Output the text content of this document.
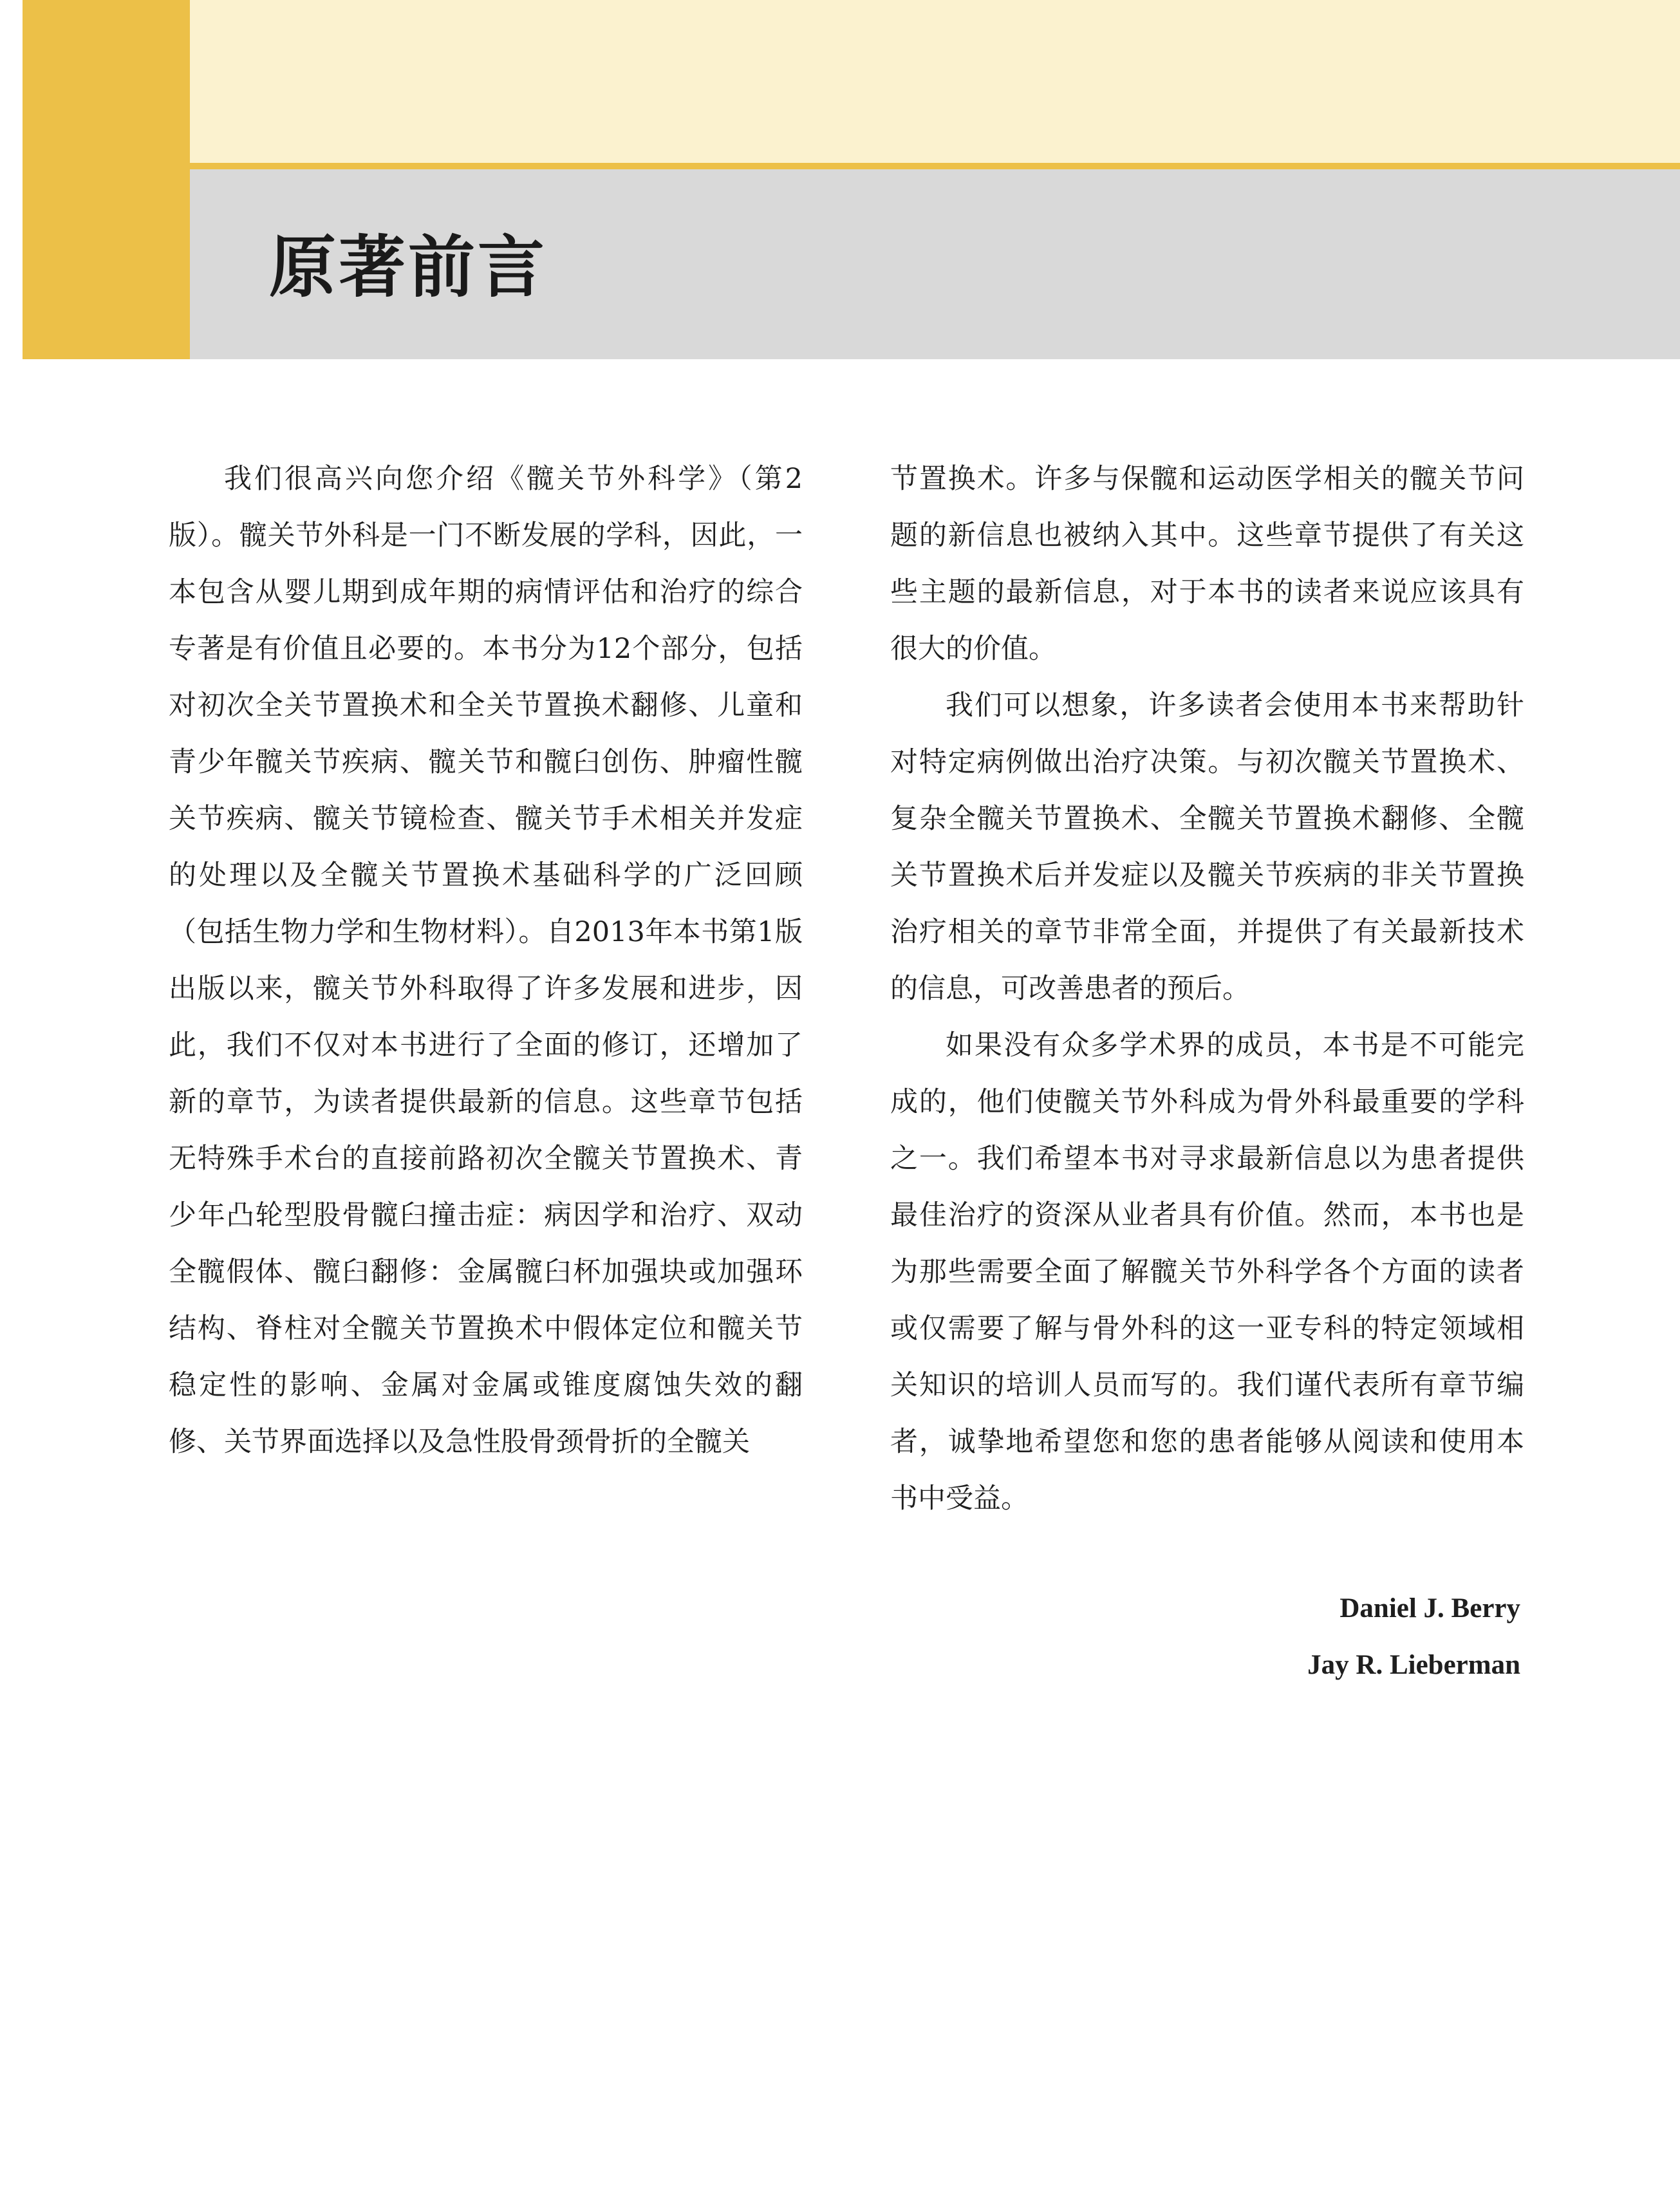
原著前言

我们很高兴向您介绍《髋关节外科学》（第2版）。髋关节外科是一门不断发展的学科，因此，一本包含从婴儿期到成年期的病情评估和治疗的综合专著是有价值且必要的。本书分为12个部分，包括对初次全关节置换术和全关节置换术翻修、儿童和青少年髋关节疾病、髋关节和髋臼创伤、肿瘤性髋关节疾病、髋关节镜检查、髋关节手术相关并发症的处理以及全髋关节置换术基础科学的广泛回顾（包括生物力学和生物材料）。自2013年本书第1版出版以来，髋关节外科取得了许多发展和进步，因此，我们不仅对本书进行了全面的修订，还增加了新的章节，为读者提供最新的信息。这些章节包括无特殊手术台的直接前路初次全髋关节置换术、青少年凸轮型股骨髋臼撞击症：病因学和治疗、双动全髋假体、髋臼翻修：金属髋臼杯加强块或加强环结构、脊柱对全髋关节置换术中假体定位和髋关节稳定性的影响、金属对金属或锥度腐蚀失效的翻修、关节界面选择以及急性股骨颈骨折的全髋关

节置换术。许多与保髋和运动医学相关的髋关节问题的新信息也被纳入其中。这些章节提供了有关这些主题的最新信息，对于本书的读者来说应该具有很大的价值。

我们可以想象，许多读者会使用本书来帮助针对特定病例做出治疗决策。与初次髋关节置换术、复杂全髋关节置换术、全髋关节置换术翻修、全髋关节置换术后并发症以及髋关节疾病的非关节置换治疗相关的章节非常全面，并提供了有关最新技术的信息，可改善患者的预后。

如果没有众多学术界的成员，本书是不可能完成的，他们使髋关节外科成为骨外科最重要的学科之一。我们希望本书对寻求最新信息以为患者提供最佳治疗的资深从业者具有价值。然而，本书也是为那些需要全面了解髋关节外科学各个方面的读者或仅需要了解与骨外科的这一亚专科的特定领域相关知识的培训人员而写的。我们谨代表所有章节编者，诚挚地希望您和您的患者能够从阅读和使用本书中受益。

Daniel J. Berry
Jay R. Lieberman
